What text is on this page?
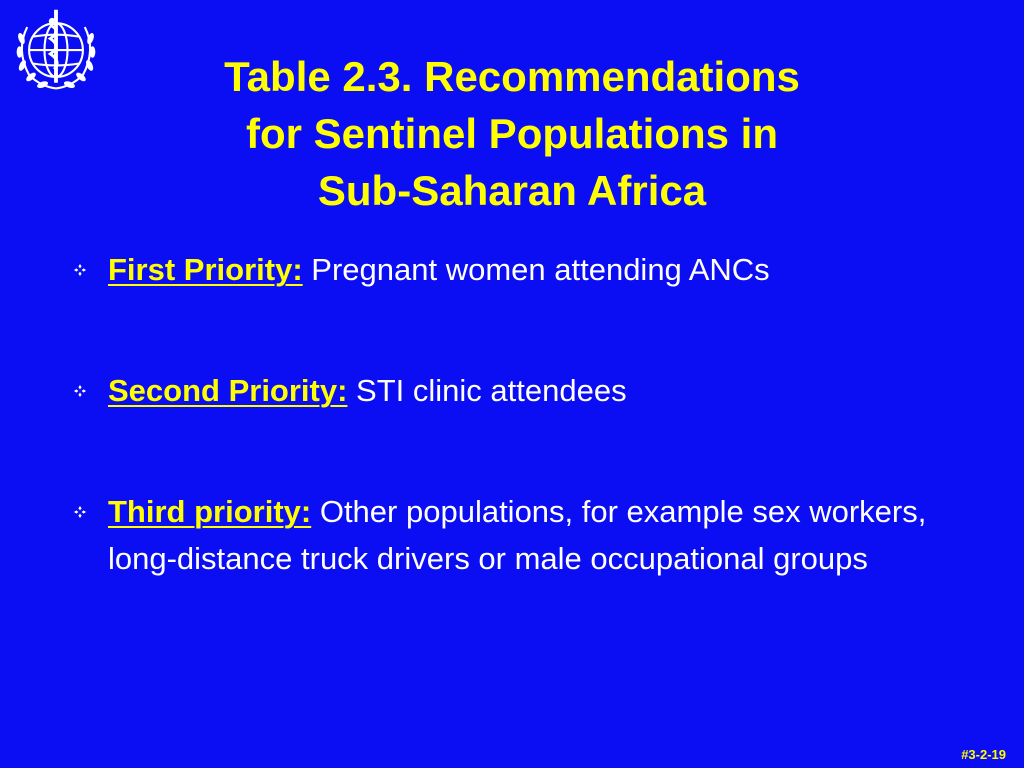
Table 2.3. Recommendations
for Sentinel Populations in
Sub-Saharan Africa
First Priority: Pregnant women attending ANCs
Second Priority: STI clinic attendees
Third priority: Other populations, for example sex workers, long-distance truck drivers or male occupational groups
#3-2-19
